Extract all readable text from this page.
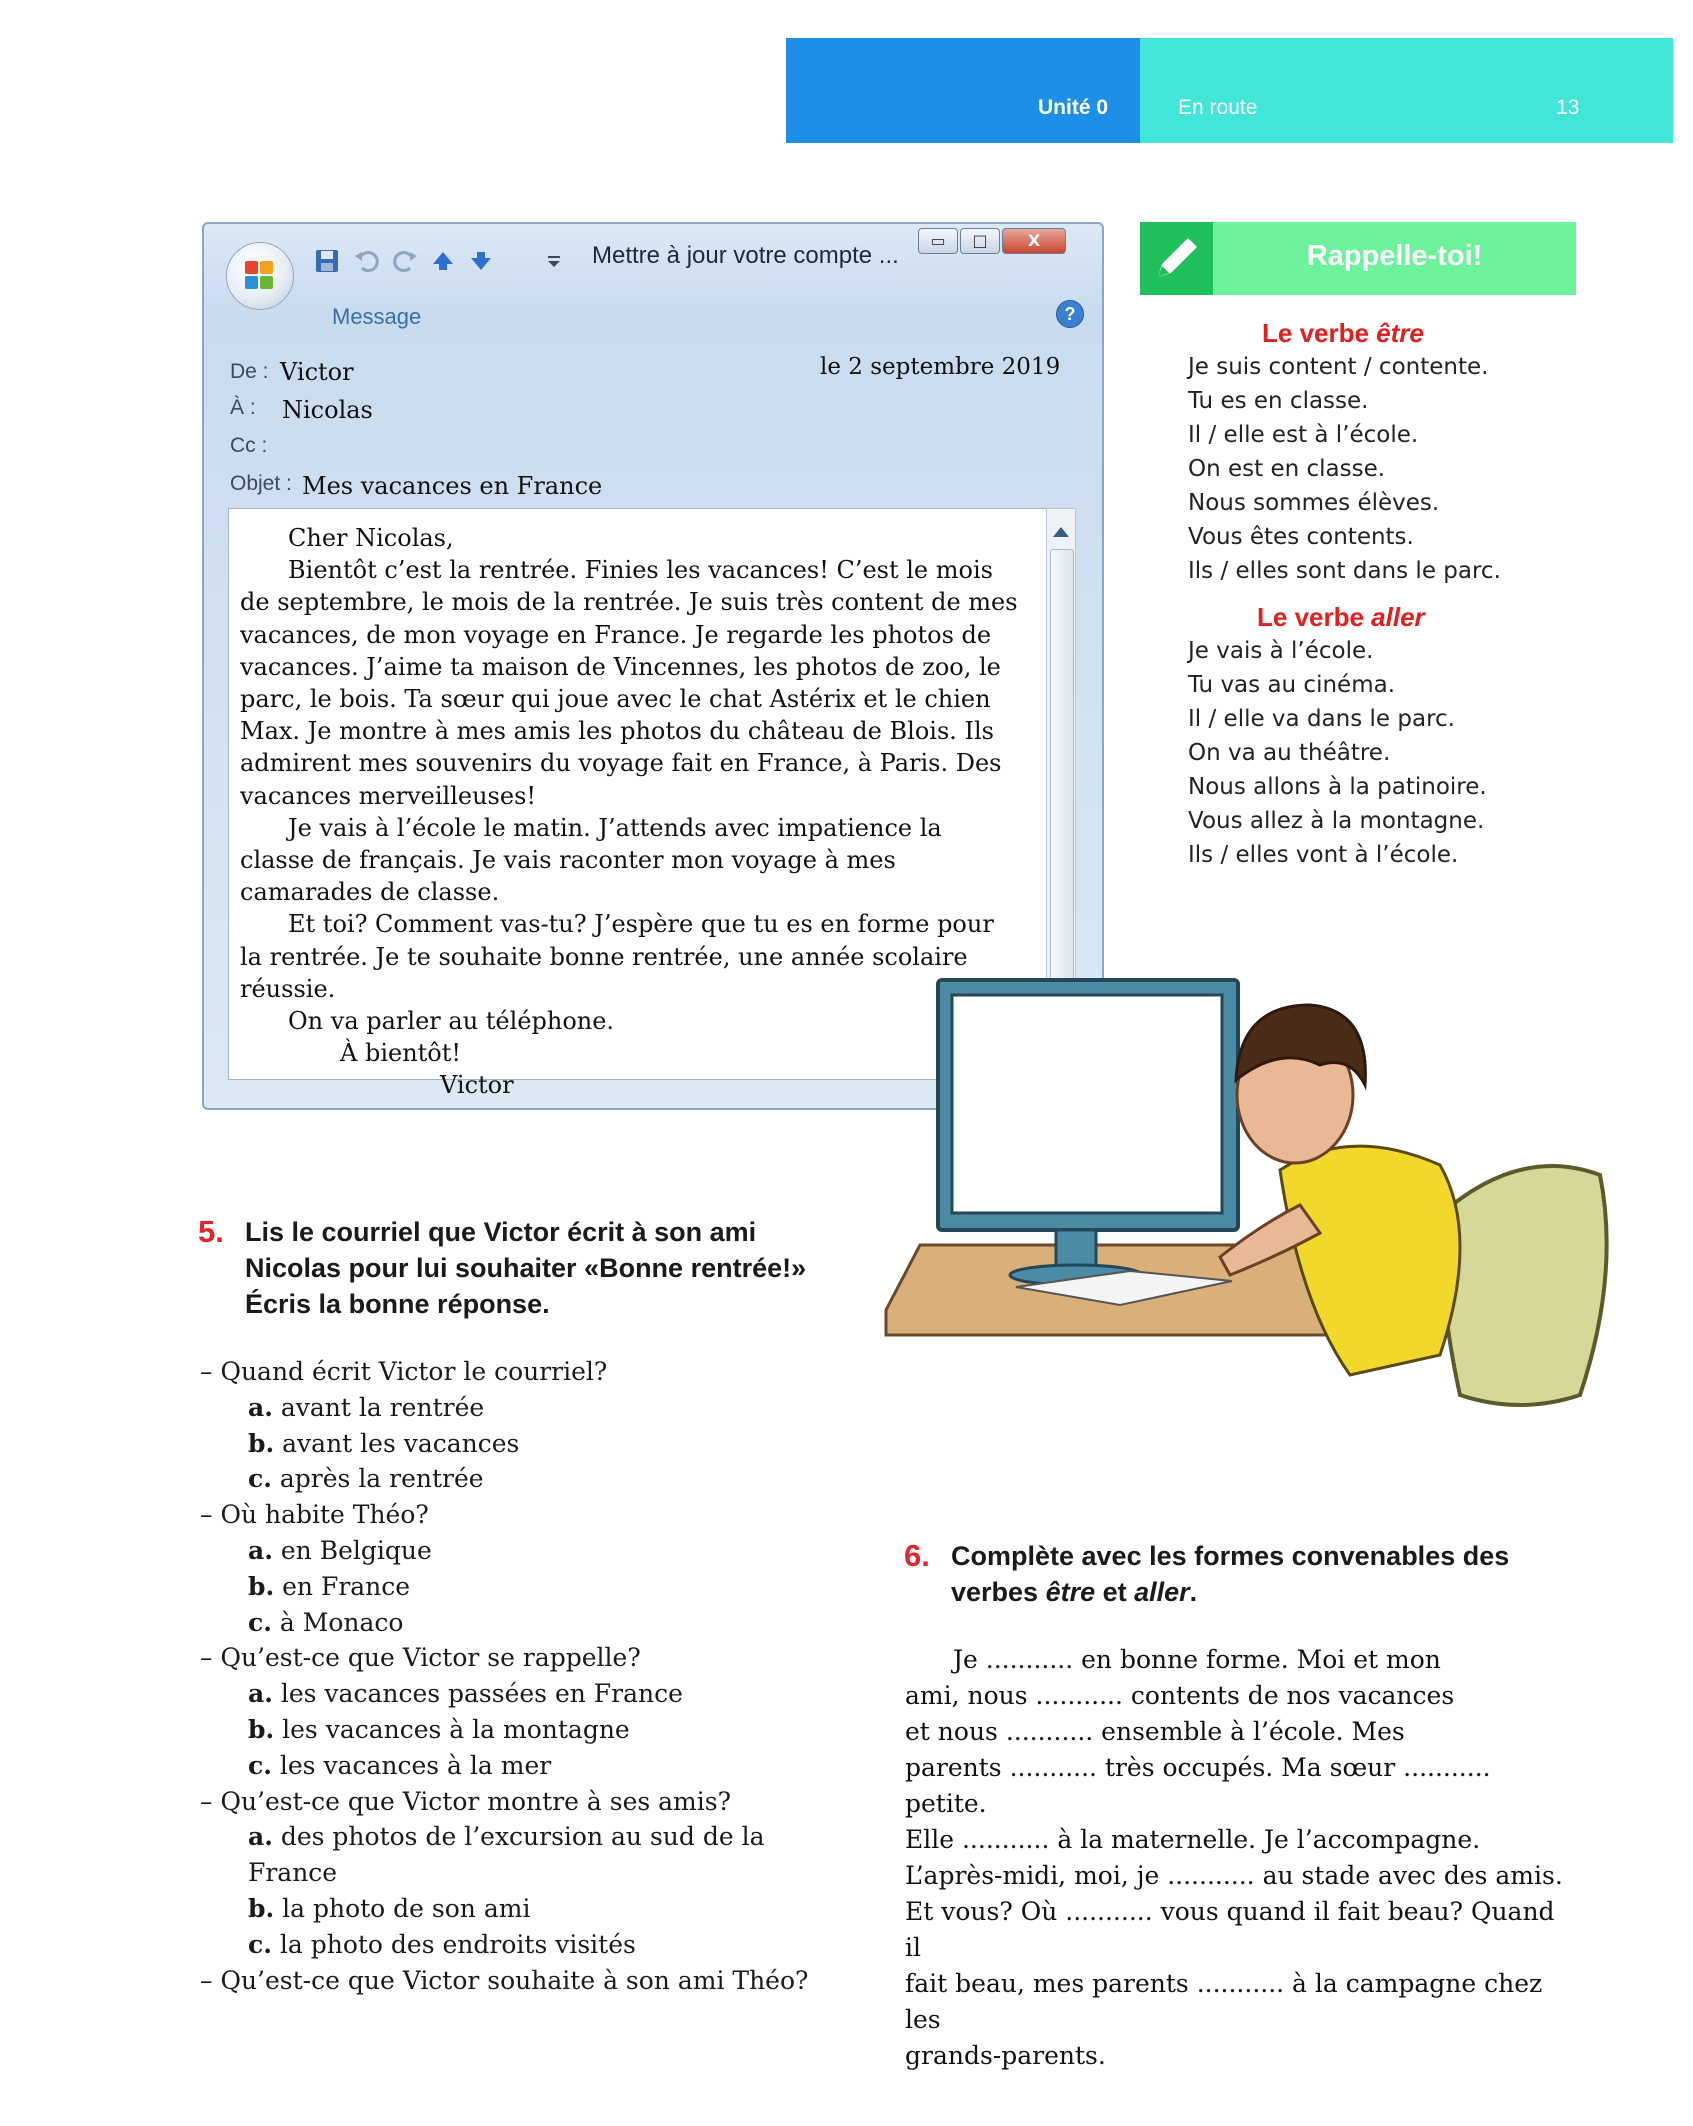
Unité 0	En route	13
Mettre à jour votre compte ...
▭	□	X
Message	?
De : Victor
À : Nicolas
Cc :
Objet : Mes vacances en France
le 2 septembre 2019

Cher Nicolas,

Bientôt c’est la rentrée. Finies les vacances! C’est le mois de septembre, le mois de la rentrée. Je suis très content de mes vacances, de mon voyage en France. Je regarde les photos de vacances. J’aime ta maison de Vincennes, les photos de zoo, le parc, le bois. Ta sœur qui joue avec le chat Astérix et le chien Max. Je montre à mes amis les photos du château de Blois. Ils admirent mes souvenirs du voyage fait en France, à Paris. Des vacances merveilleuses!

Je vais à l’école le matin. J’attends avec impatience la classe de français. Je vais raconter mon voyage à mes camarades de classe.

Et toi? Comment vas-tu? J’espère que tu es en forme pour la rentrée. Je te souhaite bonne rentrée, une année scolaire réussie.

On va parler au téléphone.

À bientôt!

Victor

Rappelle-toi!
Le verbe être
Je suis content / contente.
Tu es en classe.
Il / elle est à l’école.
On est en classe.
Nous sommes élèves.
Vous êtes contents.
Ils / elles sont dans le parc.
Le verbe aller
Je vais à l’école.
Tu vas au cinéma.
Il / elle va dans le parc.
On va au théâtre.
Nous allons à la patinoire.
Vous allez à la montagne.
Ils / elles vont à l’école.
5. Lis le courriel que Victor écrit à son ami
Nicolas pour lui souhaiter «Bonne rentrée!»
Écris la bonne réponse.
– Quand écrit Victor le courriel?
a. avant la rentrée
b. avant les vacances
c. après la rentrée
– Où habite Théo?
a. en Belgique
b. en France
c. à Monaco
– Qu’est-ce que Victor se rappelle?
a. les vacances passées en France
b. les vacances à la montagne
c. les vacances à la mer
– Qu’est-ce que Victor montre à ses amis?
a. des photos de l’excursion au sud de la France
b. la photo de son ami
c. la photo des endroits visités
– Qu’est-ce que Victor souhaite à son ami Théo?
6. Complète avec les formes convenables des
verbes être et aller.

Je ........... en bonne forme. Moi et mon

ami, nous ........... contents de nos vacances

et nous ........... ensemble à l’école. Mes

parents ........... très occupés. Ma sœur ........... petite.

Elle ........... à la maternelle. Je l’accompagne.

L’après-midi, moi, je ........... au stade avec des amis.

Et vous? Où ........... vous quand il fait beau? Quand il

fait beau, mes parents ........... à la campagne chez les

grands-parents.
